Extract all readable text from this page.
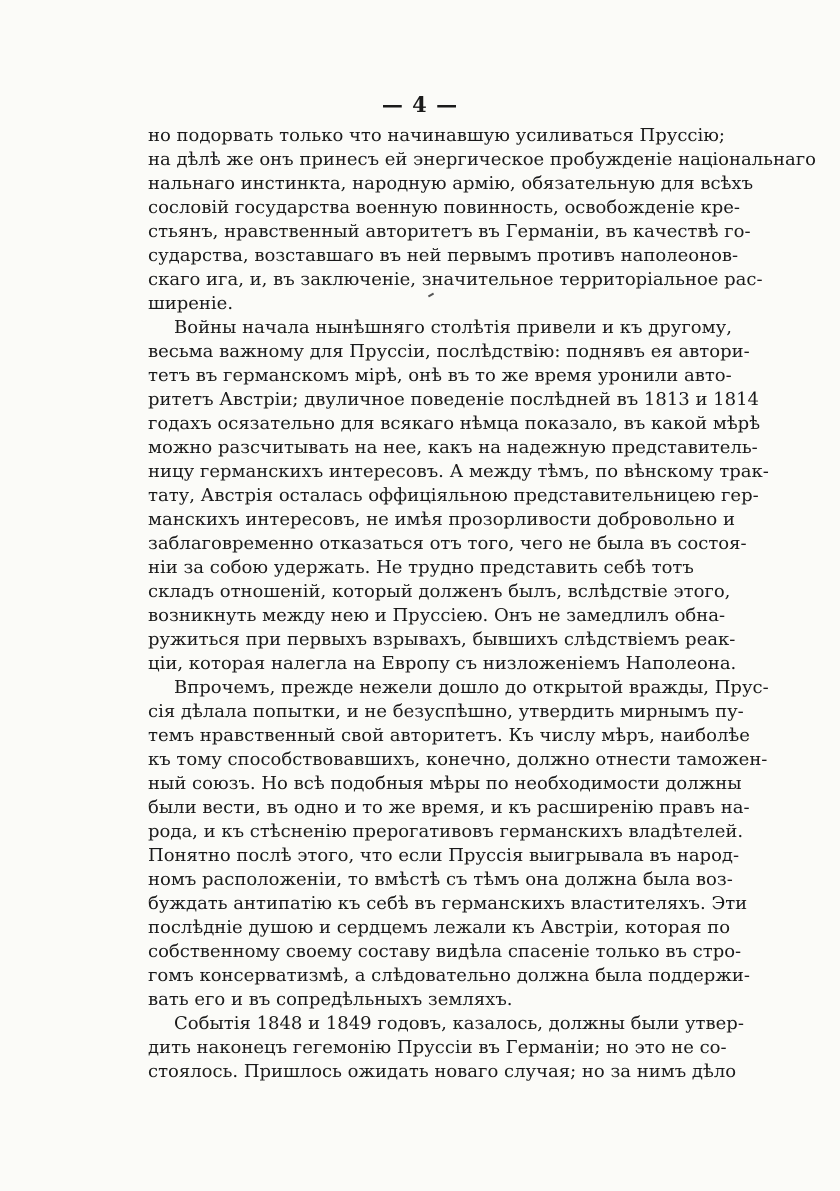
— 4 —
но подорвать только что начинавшую усиливаться Пруссію;
на дѣлѣ же онъ принесъ ей энергическое пробужденіе національнаго
нальнаго инстинкта, народную армію, обязательную для всѣхъ
сословій государства военную повинность, освобожденіе кре-
стьянъ, нравственный авторитетъ въ Германіи, въ качествѣ го-
сударства, возставшаго въ ней первымъ противъ наполеонов-
скаго ига, и, въ заключеніе, значительное территоріальное рас-
ширеніе.
Войны начала нынѣшняго столѣтія привели и къ другому,
весьма важному для Пруссіи, послѣдствію: поднявъ ея автори-
тетъ въ германскомъ мірѣ, онѣ въ то же время уронили авто-
ритетъ Австріи; двуличное поведеніе послѣдней въ 1813 и 1814
годахъ осязательно для всякаго нѣмца показало, въ какой мѣрѣ
можно разсчитывать на нее, какъ на надежную представитель-
ницу германскихъ интересовъ. А между тѣмъ, по вѣнскому трак-
тату, Австрія осталась оффиціяльною представительницею гер-
манскихъ интересовъ, не имѣя прозорливости добровольно и
заблаговременно отказаться отъ того, чего не была въ состоя-
ніи за собою удержать. Не трудно представить себѣ тотъ
складъ отношеній, который долженъ былъ, вслѣдствіе этого,
возникнуть между нею и Пруссіею. Онъ не замедлилъ обна-
ружиться при первыхъ взрывахъ, бывшихъ слѣдствіемъ реак-
ціи, которая налегла на Европу съ низложеніемъ Наполеона.
Впрочемъ, прежде нежели дошло до открытой вражды, Прус-
сія дѣлала попытки, и не безуспѣшно, утвердить мирнымъ пу-
темъ нравственный свой авторитетъ. Къ числу мѣръ, наиболѣе
къ тому способствовавшихъ, конечно, должно отнести таможен-
ный союзъ. Но всѣ подобныя мѣры по необходимости должны
были вести, въ одно и то же время, и къ расширенію правъ на-
рода, и къ стѣсненію прерогативовъ германскихъ владѣтелей.
Понятно послѣ этого, что если Пруссія выигрывала въ народ-
номъ расположеніи, то вмѣстѣ съ тѣмъ она должна была воз-
буждать антипатію къ себѣ въ германскихъ властителяхъ. Эти
послѣдніе душою и сердцемъ лежали къ Австріи, которая по
собственному своему составу видѣла спасеніе только въ стро-
гомъ консерватизмѣ, а слѣдовательно должна была поддержи-
вать его и въ сопредѣльныхъ земляхъ.
Событія 1848 и 1849 годовъ, казалось, должны были утвер-
дить наконецъ гегемонію Пруссіи въ Германіи; но это не со-
стоялось. Пришлось ожидать новаго случая; но за нимъ дѣло
